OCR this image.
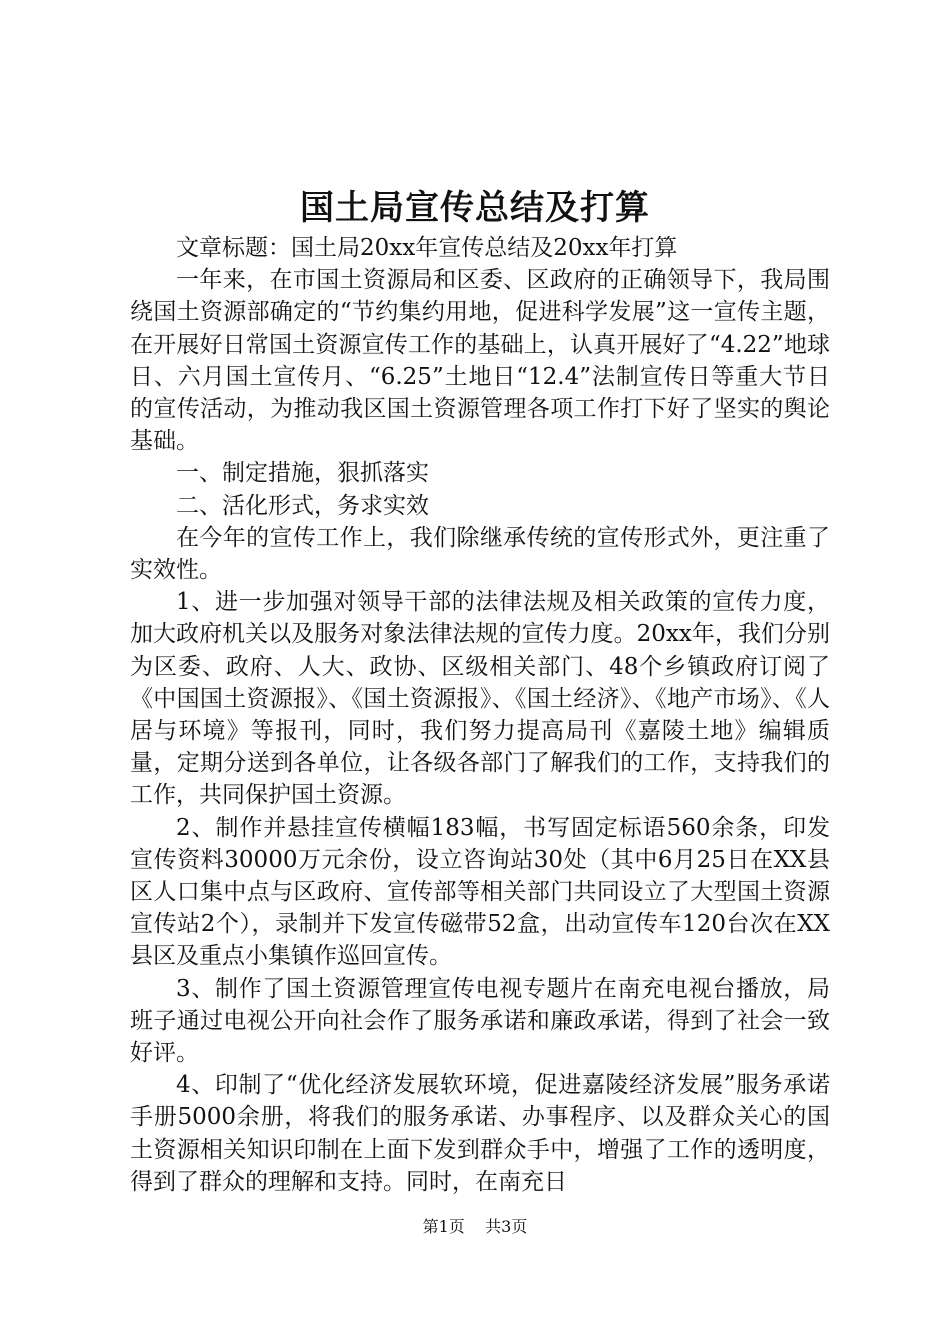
国土局宣传总结及打算

文章标题：国土局20xx年宣传总结及20xx年打算

一年来，在市国土资源局和区委、区政府的正确领导下，我局围绕国土资源部确定的“节约集约用地，促进科学发展”这一宣传主题，在开展好日常国土资源宣传工作的基础上，认真开展好了“4.22”地球日、六月国土宣传月、“6.25”土地日“12.4”法制宣传日等重大节日的宣传活动，为推动我区国土资源管理各项工作打下好了坚实的舆论基础。

一、制定措施，狠抓落实

二、活化形式，务求实效

在今年的宣传工作上，我们除继承传统的宣传形式外，更注重了实效性。

1、进一步加强对领导干部的法律法规及相关政策的宣传力度，加大政府机关以及服务对象法律法规的宣传力度。20xx年，我们分别为区委、政府、人大、政协、区级相关部门、48个乡镇政府订阅了《中国国土资源报》、《国土资源报》、《国土经济》、《地产市场》、《人居与环境》等报刊，同时，我们努力提高局刊《嘉陵土地》编辑质量，定期分送到各单位，让各级各部门了解我们的工作，支持我们的工作，共同保护国土资源。

2、制作并悬挂宣传横幅183幅，书写固定标语560余条，印发宣传资料30000万元余份，设立咨询站30处（其中6月25日在XX县区人口集中点与区政府、宣传部等相关部门共同设立了大型国土资源宣传站2个），录制并下发宣传磁带52盒，出动宣传车120台次在XX县区及重点小集镇作巡回宣传。

3、制作了国土资源管理宣传电视专题片在南充电视台播放，局班子通过电视公开向社会作了服务承诺和廉政承诺，得到了社会一致好评。

4、印制了“优化经济发展软环境，促进嘉陵经济发展”服务承诺手册5000余册，将我们的服务承诺、办事程序、以及群众关心的国土资源相关知识印制在上面下发到群众手中，增强了工作的透明度，得到了群众的理解和支持。同时，在南充日

第1页 共3页
